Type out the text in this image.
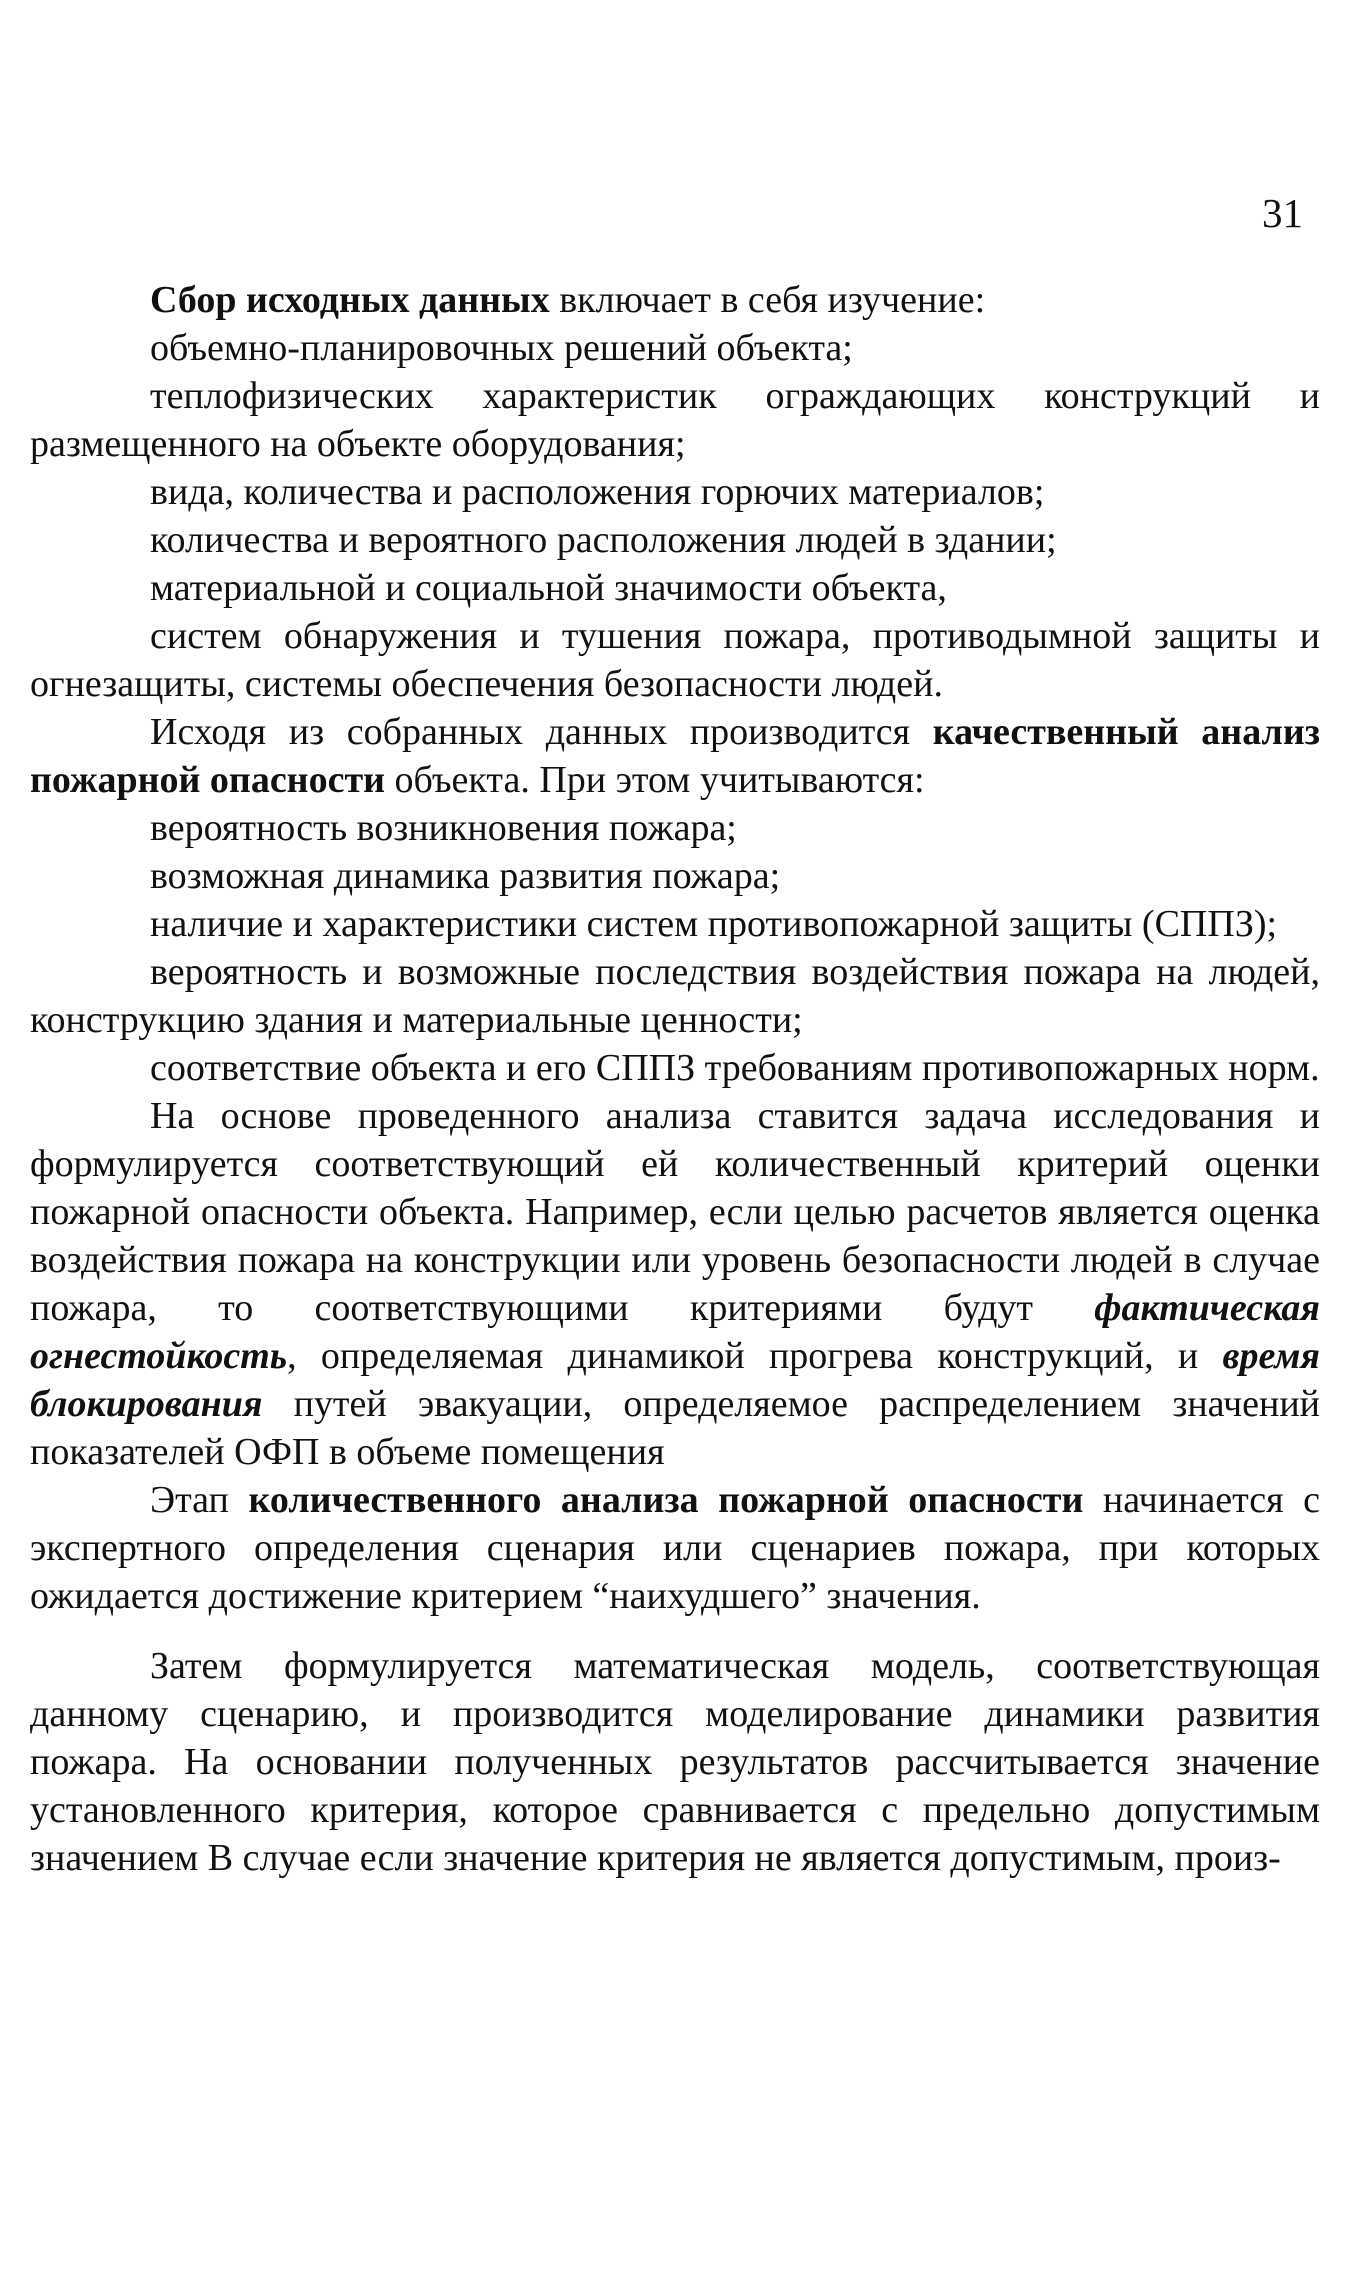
31

Сбор исходных данных включает в себя изучение:

объемно-планировочных решений объекта;

теплофизических характеристик ограждающих конструкций и размещенного на объекте оборудования;

вида, количества и расположения горючих материалов;

количества и вероятного расположения людей в здании;

материальной и социальной значимости объекта,

систем обнаружения и тушения пожара, противодымной защиты и огнезащиты, системы обеспечения безопасности людей.

Исходя из собранных данных производится качественный анализ пожарной опасности объекта. При этом учитываются:

вероятность возникновения пожара;

возможная динамика развития пожара;

наличие и характеристики систем противопожарной защиты (СППЗ);

вероятность и возможные последствия воздействия пожара на людей, конструкцию здания и материальные ценности;

соответствие объекта и его СППЗ требованиям противопожарных норм.

На основе проведенного анализа ставится задача исследования и формулируется соответствующий ей количественный критерий оценки пожарной опасности объекта. Например, если целью расчетов является оценка воздействия пожара на конструкции или уровень безопасности людей в случае пожара, то соответствующими критериями будут фактическая огнестойкость, определяемая динамикой прогрева конструкций, и время блокирования путей эвакуации, определяемое распределением значений показателей ОФП в объеме помещения

Этап количественного анализа пожарной опасности начинается с экспертного определения сценария или сценариев пожара, при которых ожидается достижение критерием “наихудшего” значения.

Затем формулируется математическая модель, соответствующая данному сценарию, и производится моделирование динамики развития пожара. На основании полученных результатов рассчитывается значение установленного критерия, которое сравнивается с предельно допустимым значением В случае если значение критерия не является допустимым, произ-
